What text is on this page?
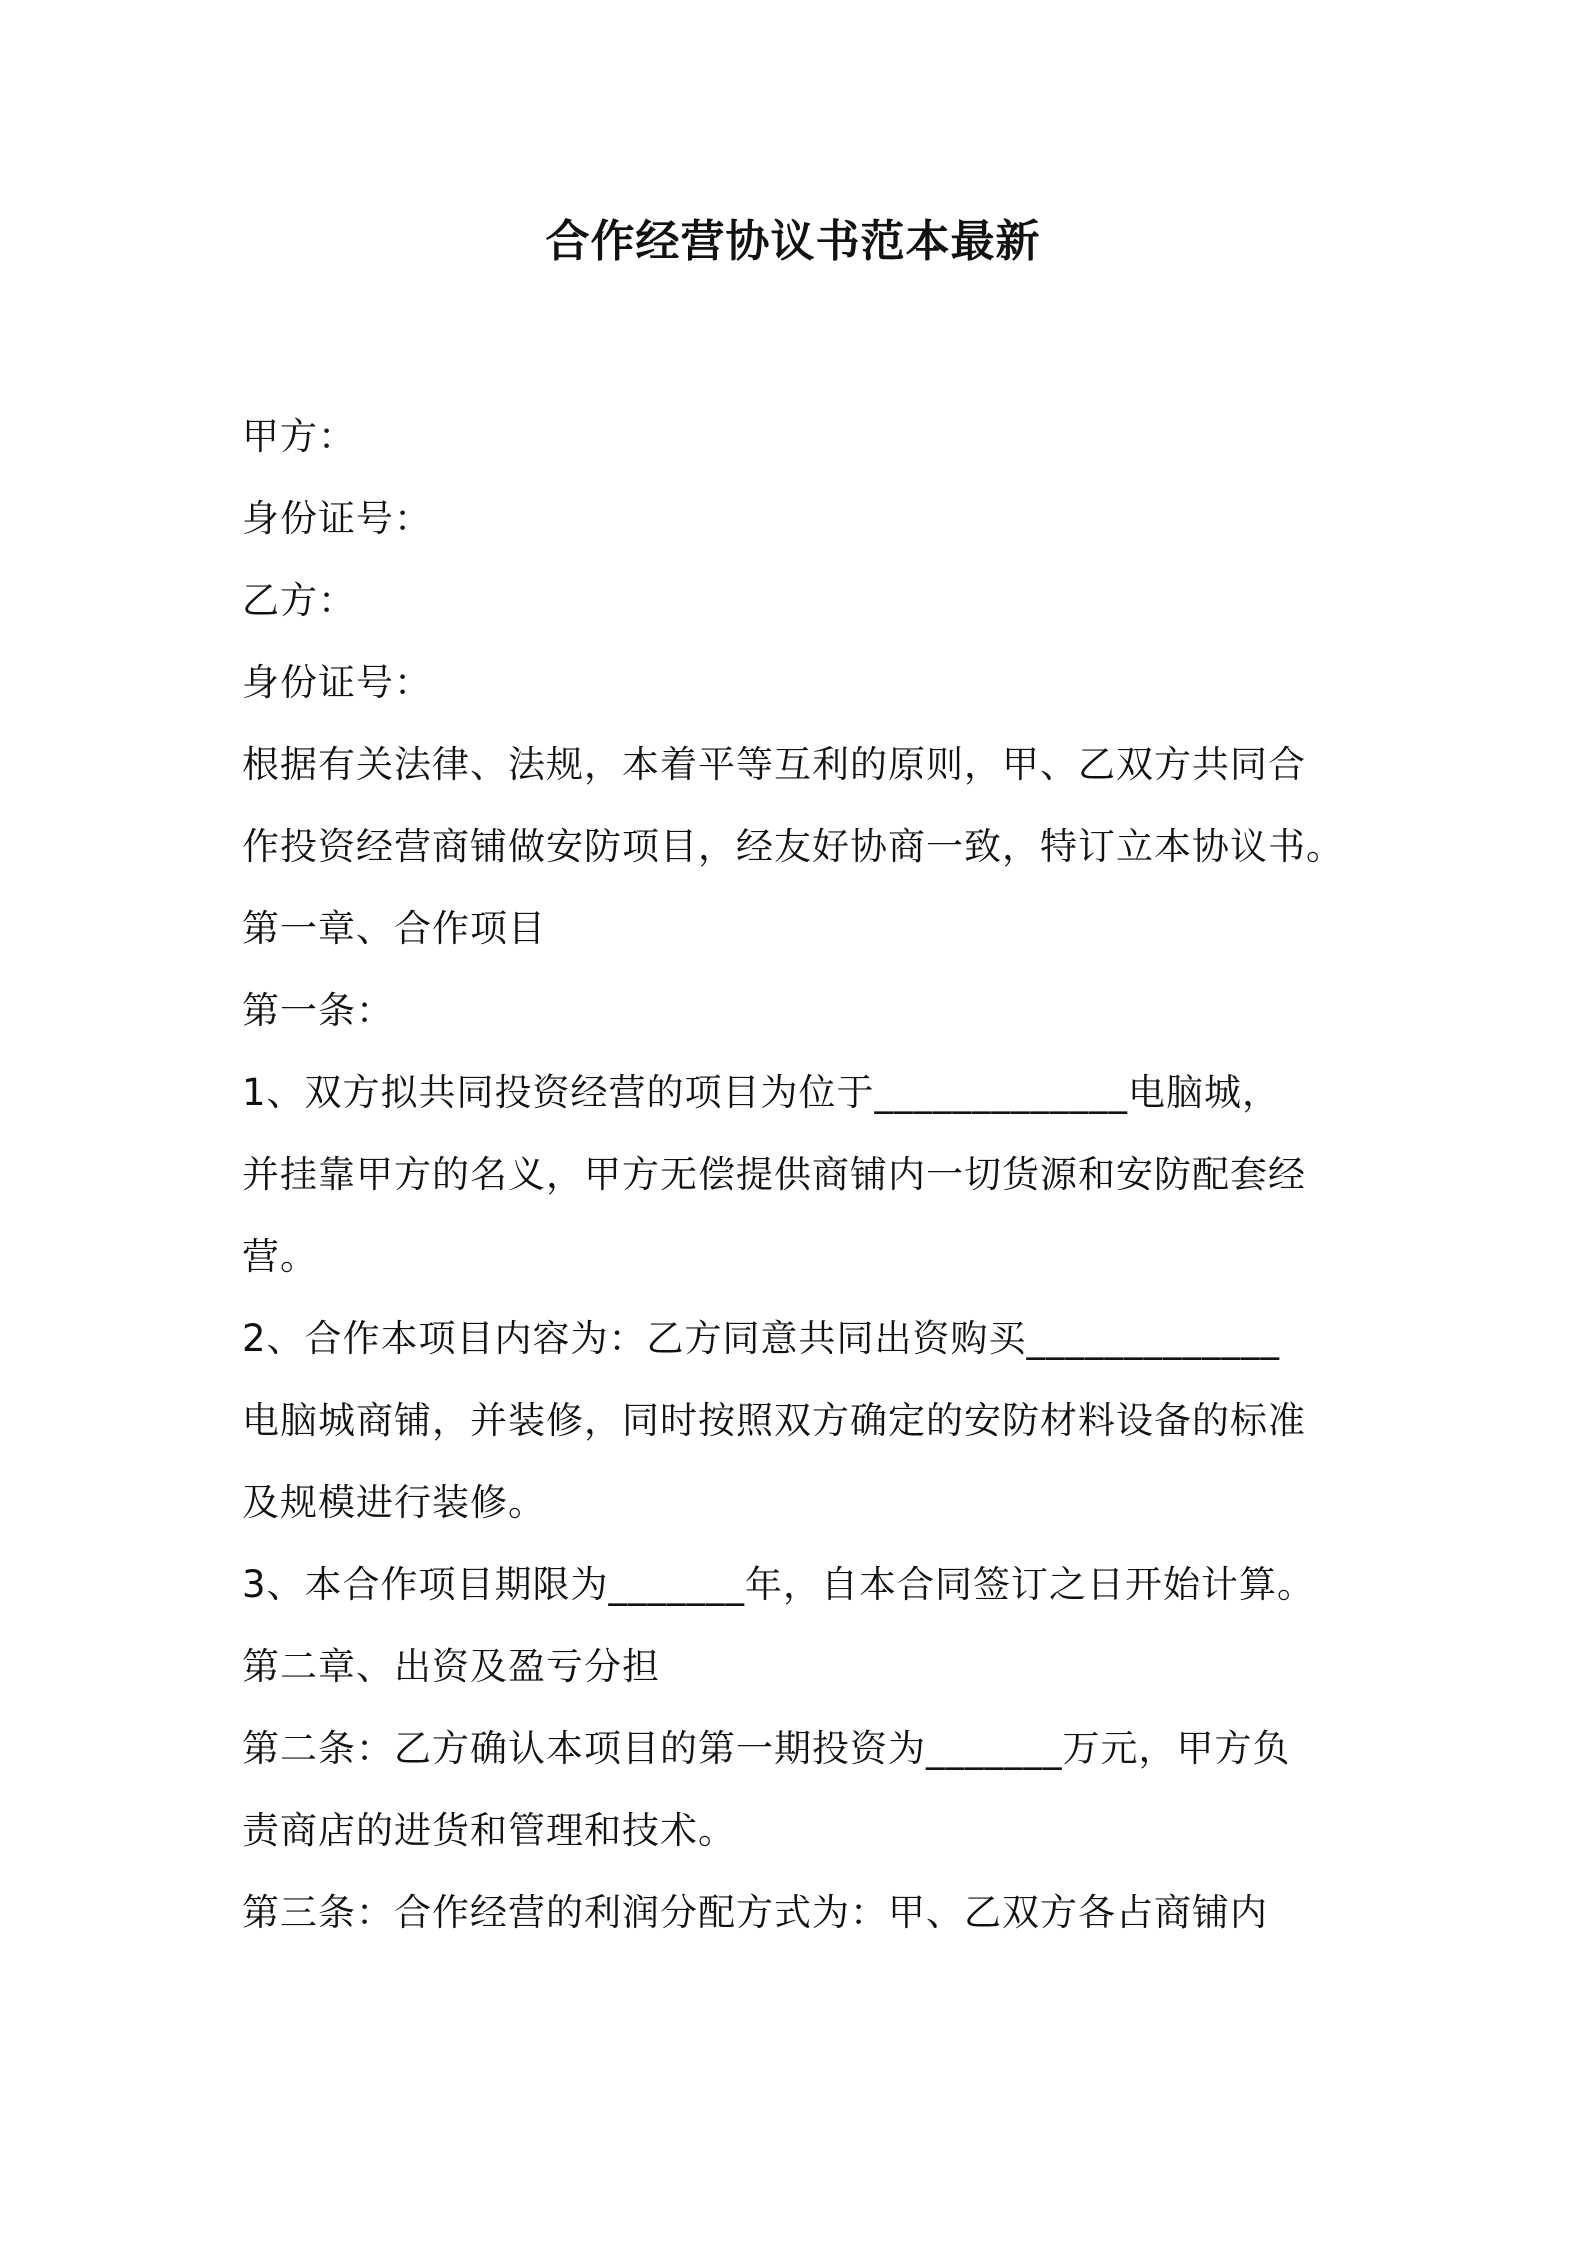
合作经营协议书范本最新
甲方：
身份证号：
乙方：
身份证号：
根据有关法律、法规，本着平等互利的原则，甲、乙双方共同合
作投资经营商铺做安防项目，经友好协商一致，特订立本协议书。
第一章、合作项目
第一条：
1、双方拟共同投资经营的项目为位于_____________电脑城，
并挂靠甲方的名义，甲方无偿提供商铺内一切货源和安防配套经
营。
2、合作本项目内容为：乙方同意共同出资购买_____________
电脑城商铺，并装修，同时按照双方确定的安防材料设备的标准
及规模进行装修。
3、本合作项目期限为_______年，自本合同签订之日开始计算。
第二章、出资及盈亏分担
第二条：乙方确认本项目的第一期投资为_______万元，甲方负
责商店的进货和管理和技术。
第三条：合作经营的利润分配方式为：甲、乙双方各占商铺内
